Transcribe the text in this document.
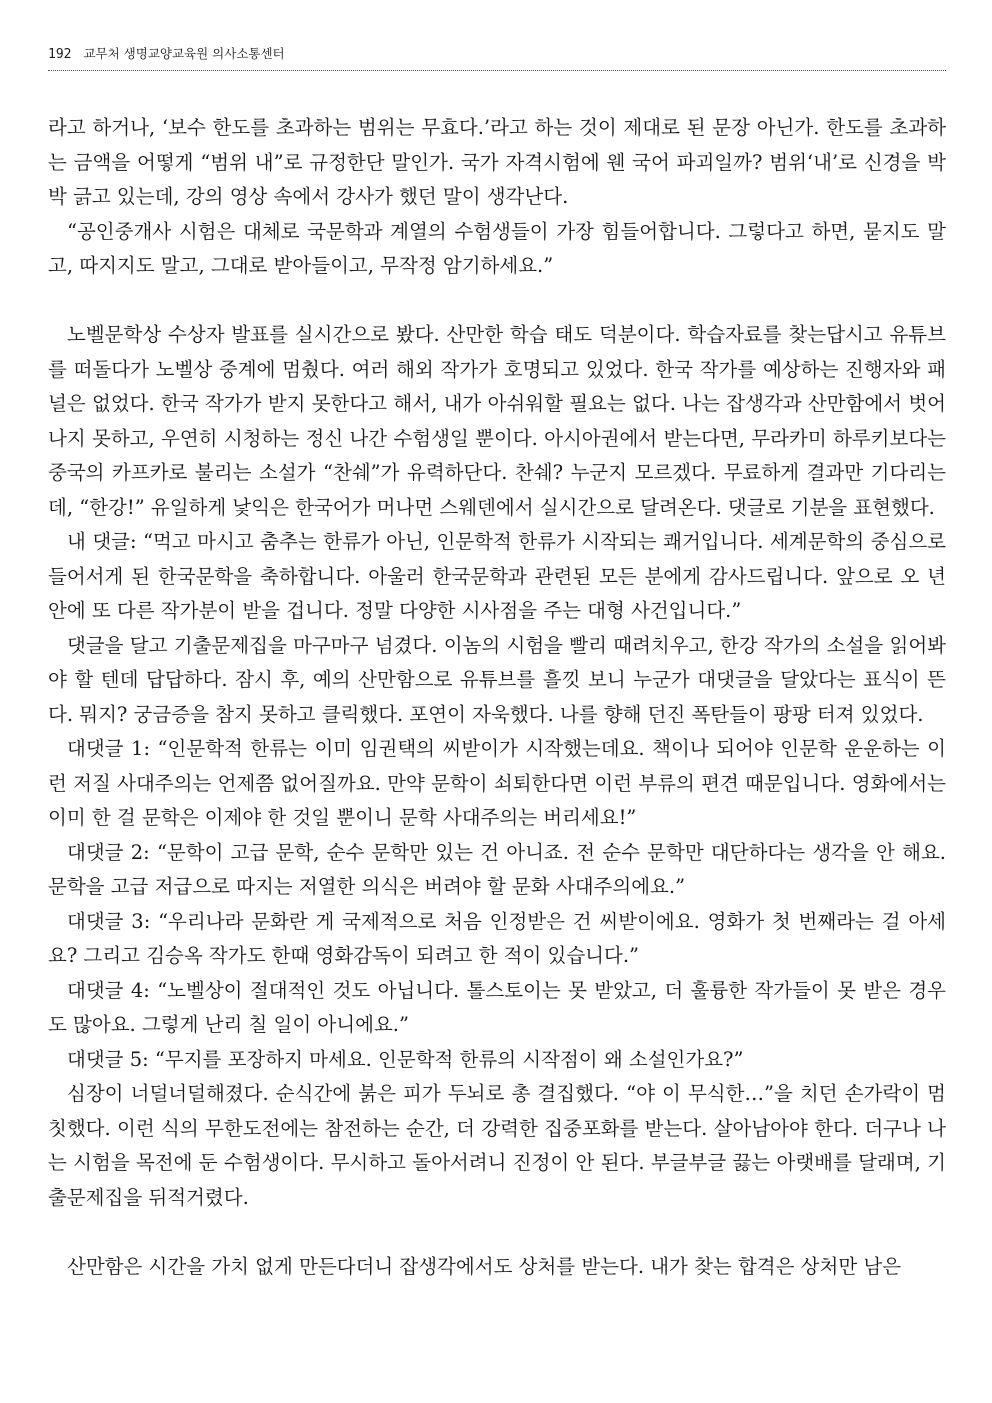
192 교무처 생명교양교육원 의사소통센터

라고 하거나, ‘보수 한도를 초과하는 범위는 무효다.’라고 하는 것이 제대로 된 문장 아닌가. 한도를 초과하는 금액을 어떻게 “범위 내”로 규정한단 말인가. 국가 자격시험에 웬 국어 파괴일까? 범위‘내’로 신경을 박박 긁고 있는데, 강의 영상 속에서 강사가 했던 말이 생각난다.

“공인중개사 시험은 대체로 국문학과 계열의 수험생들이 가장 힘들어합니다. 그렇다고 하면, 묻지도 말고, 따지지도 말고, 그대로 받아들이고, 무작정 암기하세요.”

노벨문학상 수상자 발표를 실시간으로 봤다. 산만한 학습 태도 덕분이다. 학습자료를 찾는답시고 유튜브를 떠돌다가 노벨상 중계에 멈췄다. 여러 해외 작가가 호명되고 있었다. 한국 작가를 예상하는 진행자와 패널은 없었다. 한국 작가가 받지 못한다고 해서, 내가 아쉬워할 필요는 없다. 나는 잡생각과 산만함에서 벗어나지 못하고, 우연히 시청하는 정신 나간 수험생일 뿐이다. 아시아권에서 받는다면, 무라카미 하루키보다는 중국의 카프카로 불리는 소설가 “찬쉐”가 유력하단다. 찬쉐? 누군지 모르겠다. 무료하게 결과만 기다리는데, “한강!” 유일하게 낯익은 한국어가 머나먼 스웨덴에서 실시간으로 달려온다. 댓글로 기분을 표현했다.

내 댓글: “먹고 마시고 춤추는 한류가 아닌, 인문학적 한류가 시작되는 쾌거입니다. 세계문학의 중심으로 들어서게 된 한국문학을 축하합니다. 아울러 한국문학과 관련된 모든 분에게 감사드립니다. 앞으로 오 년 안에 또 다른 작가분이 받을 겁니다. 정말 다양한 시사점을 주는 대형 사건입니다.”

댓글을 달고 기출문제집을 마구마구 넘겼다. 이놈의 시험을 빨리 때려치우고, 한강 작가의 소설을 읽어봐야 할 텐데 답답하다. 잠시 후, 예의 산만함으로 유튜브를 흘낏 보니 누군가 대댓글을 달았다는 표식이 뜬다. 뭐지? 궁금증을 참지 못하고 클릭했다. 포연이 자욱했다. 나를 향해 던진 폭탄들이 팡팡 터져 있었다.

대댓글 1: “인문학적 한류는 이미 임권택의 씨받이가 시작했는데요. 책이나 되어야 인문학 운운하는 이런 저질 사대주의는 언제쯤 없어질까요. 만약 문학이 쇠퇴한다면 이런 부류의 편견 때문입니다. 영화에서는 이미 한 걸 문학은 이제야 한 것일 뿐이니 문학 사대주의는 버리세요!”

대댓글 2: “문학이 고급 문학, 순수 문학만 있는 건 아니죠. 전 순수 문학만 대단하다는 생각을 안 해요. 문학을 고급 저급으로 따지는 저열한 의식은 버려야 할 문화 사대주의에요.”

대댓글 3: “우리나라 문화란 게 국제적으로 처음 인정받은 건 씨받이에요. 영화가 첫 번째라는 걸 아세요? 그리고 김승옥 작가도 한때 영화감독이 되려고 한 적이 있습니다.”

대댓글 4: “노벨상이 절대적인 것도 아닙니다. 톨스토이는 못 받았고, 더 훌륭한 작가들이 못 받은 경우도 많아요. 그렇게 난리 칠 일이 아니에요.”

대댓글 5: “무지를 포장하지 마세요. 인문학적 한류의 시작점이 왜 소설인가요?”

심장이 너덜너덜해졌다. 순식간에 붉은 피가 두뇌로 총 결집했다. “야 이 무식한…”을 치던 손가락이 멈칫했다. 이런 식의 무한도전에는 참전하는 순간, 더 강력한 집중포화를 받는다. 살아남아야 한다. 더구나 나는 시험을 목전에 둔 수험생이다. 무시하고 돌아서려니 진정이 안 된다. 부글부글 끓는 아랫배를 달래며, 기출문제집을 뒤적거렸다.

산만함은 시간을 가치 없게 만든다더니 잡생각에서도 상처를 받는다. 내가 찾는 합격은 상처만 남은
